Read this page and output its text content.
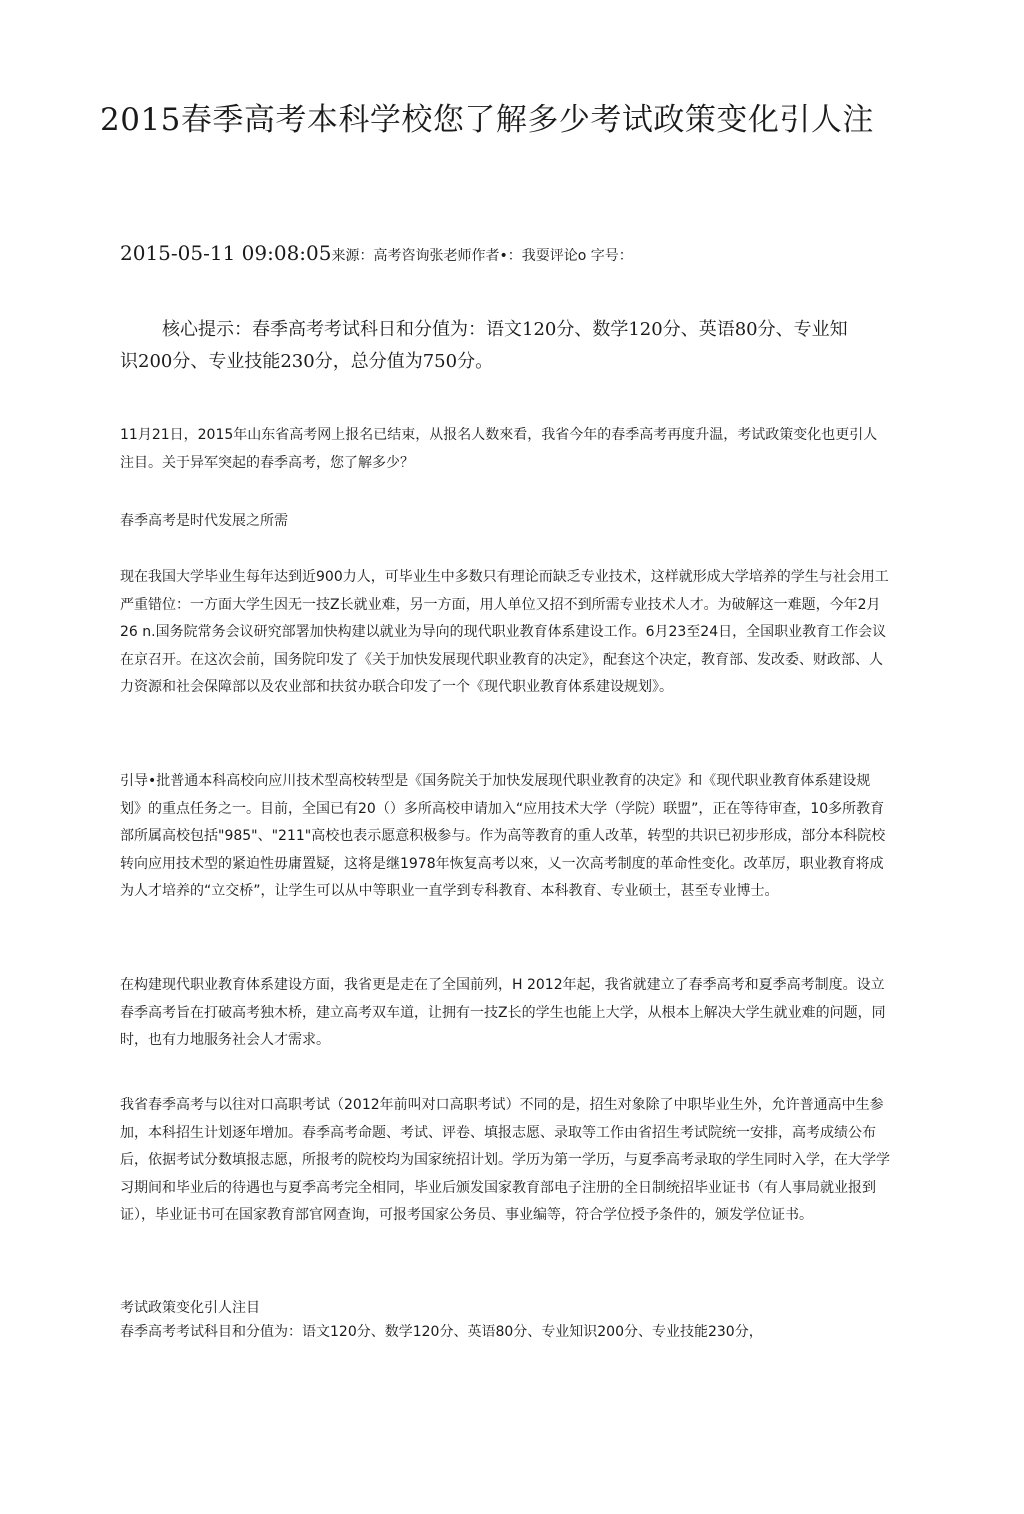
2015春季高考本科学校您了解多少考试政策变化引人注
2015-05-11 09:08:05来源：高考咨询张老师作者•：我耍评论o 字号：

核心提示：春季高考考试科日和分值为：语文120分、数学120分、英语80分、专业知识200分、专业技能230分，总分值为750分。

11月21日，2015年山东省高考网上报名已结束，从报名人数來看，我省今年的春季高考再度升温，考试政策变化也更引人注目。关于异军突起的春季高考，您了解多少？

春季高考是时代发展之所需

现在我国大学毕业生每年达到近900力人，可毕业生中多数只有理论而缺乏专业技术，这样就形成大学培养的学生与社会用工严重错位：一方面大学生因无一技Z长就业难，另一方面，用人单位又招不到所需专业技术人才。为破解这一难题，今年2月26 n.国务院常务会议研究部署加快构建以就业为导向的现代职业教育体系建设工作。6月23至24日，全国职业教育工作会议在京召开。在这次会前，国务院印发了《关于加快发展现代职业教育的决定》，配套这个决定，教育部、发改委、财政部、人力资源和社会保障部以及农业部和扶贫办联合印发了一个《现代职业教育体系建设规划》。

引导•批普通本科高校向应川技术型高校转型是《国务院关于加快发展现代职业教育的决定》和《现代职业教育体系建设规划》的重点任务之一。目前，全国已有20（）多所高校申请加入“应用技术大学（学院）联盟”，正在等待审查，10多所教育部所属高校包括"985"、"211"高校也表示愿意积极参与。作为高等教育的重人改革，转型的共识已初步形成，部分本科院校转向应用技术型的紧迫性毋庸置疑，这将是继1978年恢复高考以來，乂一次高考制度的革命性变化。改革厉，职业教育将成为人才培养的“立交桥”，让学生可以从中等职业一直学到专科教育、本科教育、专业硕士，甚至专业博士。

在构建现代职业教育体系建设方面，我省更是走在了全国前列，H 2012年起，我省就建立了春季高考和夏季高考制度。设立春季高考旨在打破高考独木桥，建立高考双车道，让拥有一技Z长的学生也能上大学，从根本上解决大学生就业难的问题，同时，也有力地服务社会人才需求。

我省春季高考与以往对口高职考试（2012年前叫对口高职考试）不同的是，招生对象除了中职毕业生外，允许普通高中生参加，本科招生计划逐年增加。春季高考命题、考试、评卷、填报志愿、录取等工作由省招生考试院统一安排，高考成绩公布后，依据考试分数填报志愿，所报考的院校均为国家统招计划。学历为第一学历，与夏季高考录取的学生同时入学，在大学学习期间和毕业后的待遇也与夏季高考完全相同，毕业后颁发国家教育部电子注册的全日制统招毕业证书（有人事局就业报到证），毕业证书可在国家教育部官网查询，可报考国家公务员、事业编等，符合学位授予条件的，颁发学位证书。

考试政策变化引人注目

春季高考考试科目和分值为：语文120分、数学120分、英语80分、专业知识200分、专业技能230分，
